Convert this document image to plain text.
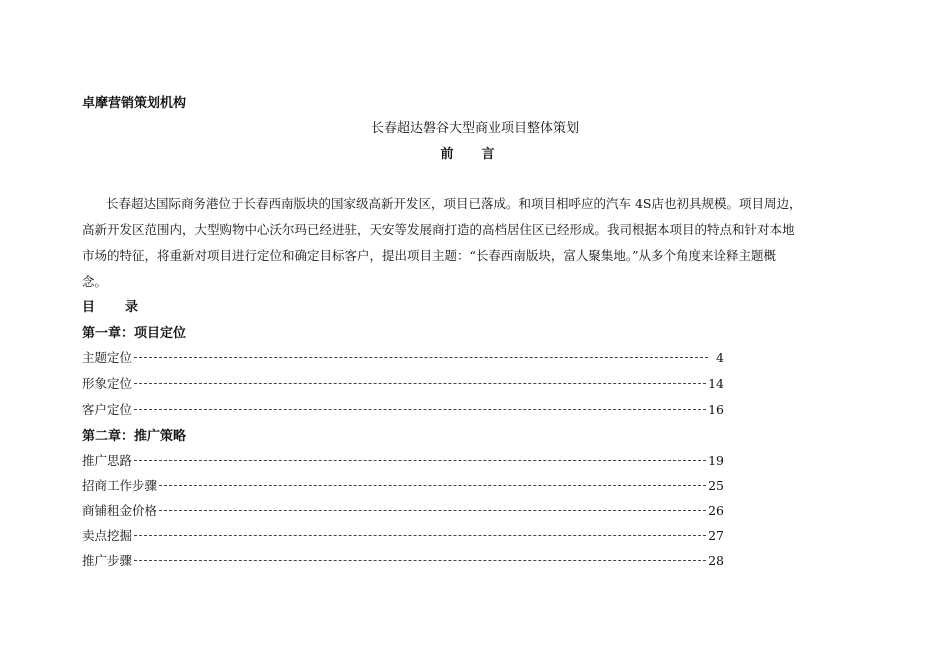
卓摩营销策划机构
长春超达磐谷大型商业项目整体策划
前 言
长春超达国际商务港位于长春西南版块的国家级高新开发区，项目已落成。和项目相呼应的汽车 4S店也初具规模。项目周边，
高新开发区范围内，大型购物中心沃尔玛已经进驻，天安等发展商打造的高档居住区已经形成。我司根据本项目的特点和针对本地
市场的特征，将重新对项目进行定位和确定目标客户，提出项目主题：“长春西南版块，富人聚集地。”从多个角度来诠释主题概
念。
目 录
第一章：项目定位
主题定位	4
形象定位	14
客户定位	16
第二章：推广策略
推广思路	19
招商工作步骤	25
商铺租金价格	26
卖点挖掘	27
推广步骤	28
